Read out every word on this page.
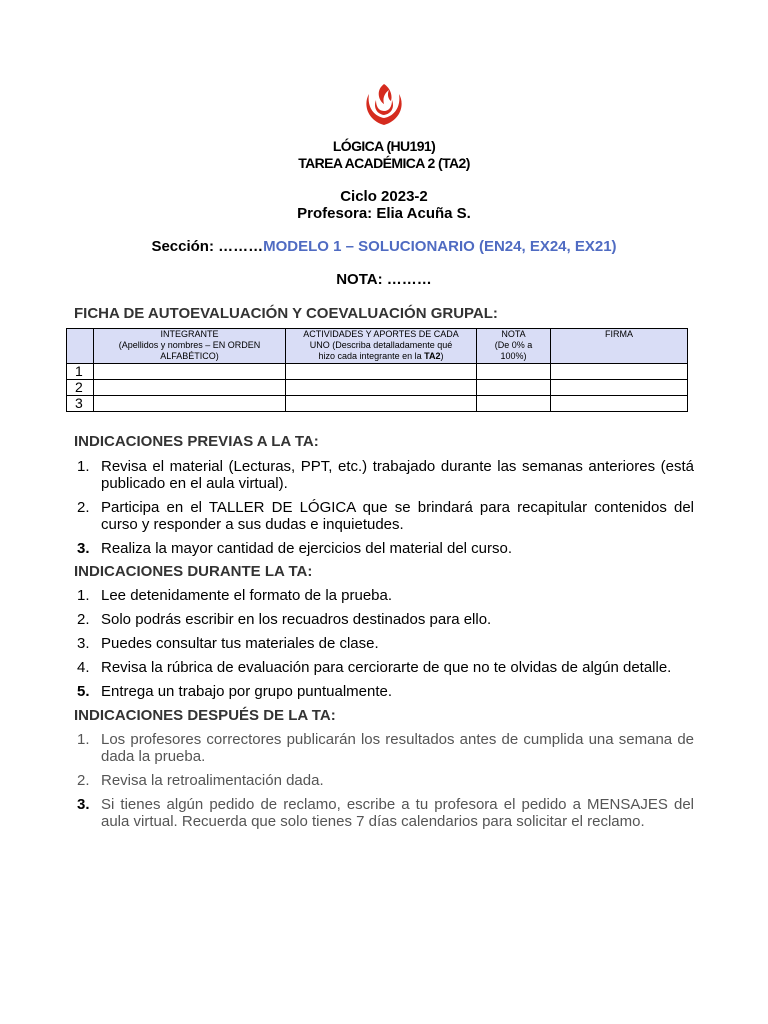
LÓGICA (HU191)
TAREA ACADÉMICA 2 (TA2)
Ciclo 2023-2
Profesora: Elia Acuña S.
Sección: ………MODELO 1 – SOLUCIONARIO (EN24, EX24, EX21)
NOTA: ………
FICHA DE AUTOEVALUACIÓN Y COEVALUACIÓN GRUPAL:
	INTEGRANTE
(Apellidos y nombres – EN ORDEN
ALFABÉTICO)	ACTIVIDADES Y APORTES DE CADA
UNO (Describa detalladamente qué
hizo cada integrante en la TA2)	NOTA
(De 0% a
100%)	FIRMA
1				
2				
3				
INDICACIONES PREVIAS A LA TA:
1. Revisa el material (Lecturas, PPT, etc.) trabajado durante las semanas anteriores (está publicado en el aula virtual).
2. Participa en el TALLER DE LÓGICA que se brindará para recapitular contenidos del curso y responder a sus dudas e inquietudes.
3. Realiza la mayor cantidad de ejercicios del material del curso.
INDICACIONES DURANTE LA TA:
1. Lee detenidamente el formato de la prueba.
2. Solo podrás escribir en los recuadros destinados para ello.
3. Puedes consultar tus materiales de clase.
4. Revisa la rúbrica de evaluación para cerciorarte de que no te olvidas de algún detalle.
5. Entrega un trabajo por grupo puntualmente.
INDICACIONES DESPUÉS DE LA TA:
1. Los profesores correctores publicarán los resultados antes de cumplida una semana de dada la prueba.
2. Revisa la retroalimentación dada.
3. Si tienes algún pedido de reclamo, escribe a tu profesora el pedido a MENSAJES del aula virtual. Recuerda que solo tienes 7 días calendarios para solicitar el reclamo.
